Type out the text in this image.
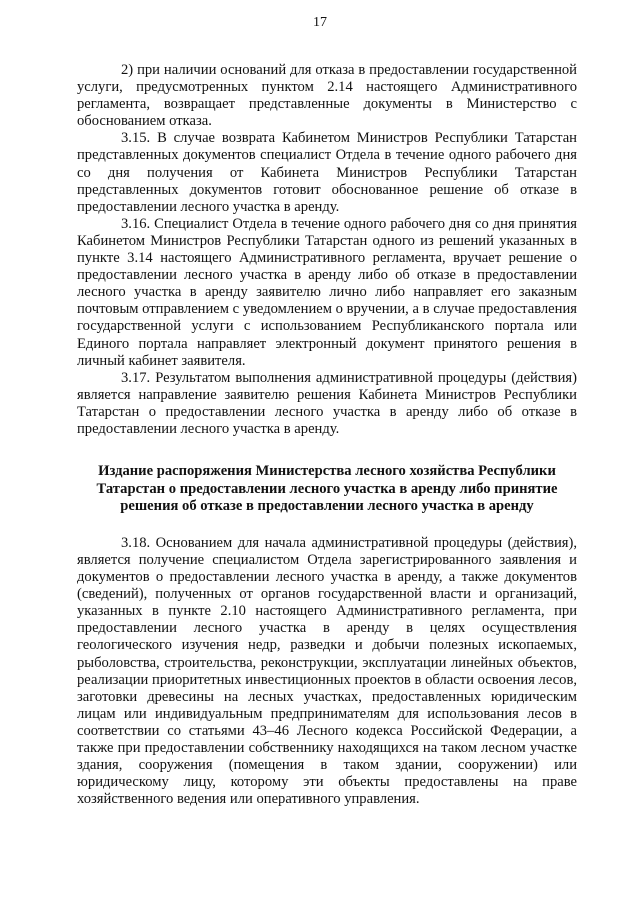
17

2) при наличии оснований для отказа в предоставлении государственной услуги, предусмотренных пунктом 2.14 настоящего Административного регламента, возвращает представленные документы в Министерство с обоснованием отказа.

3.15. В случае возврата Кабинетом Министров Республики Татарстан представленных документов специалист Отдела в течение одного рабочего дня со дня получения от Кабинета Министров Республики Татарстан представленных документов готовит обоснованное решение об отказе в предоставлении лесного участка в аренду.

3.16. Специалист Отдела в течение одного рабочего дня со дня принятия Кабинетом Министров Республики Татарстан одного из решений указанных в пункте 3.14 настоящего Административного регламента, вручает решение о предоставлении лесного участка в аренду либо об отказе в предоставлении лесного участка в аренду заявителю лично либо направляет его заказным почтовым отправлением с уведомлением о вручении, а в случае предоставления государственной услуги с использованием Республиканского портала или Единого портала направляет электронный документ принятого решения в личный кабинет заявителя.

3.17. Результатом выполнения административной процедуры (действия) является направление заявителю решения Кабинета Министров Республики Татарстан о предоставлении лесного участка в аренду либо об отказе в предоставлении лесного участка в аренду.

Издание распоряжения Министерства лесного хозяйства Республики Татарстан о предоставлении лесного участка в аренду либо принятие решения об отказе в предоставлении лесного участка в аренду

3.18. Основанием для начала административной процедуры (действия), является получение специалистом Отдела зарегистрированного заявления и документов о предоставлении лесного участка в аренду, а также документов (сведений), полученных от органов государственной власти и организаций, указанных в пункте 2.10 настоящего Административного регламента, при предоставлении лесного участка в аренду в целях осуществления геологического изучения недр, разведки и добычи полезных ископаемых, рыболовства, строительства, реконструкции, эксплуатации линейных объектов, реализации приоритетных инвестиционных проектов в области освоения лесов, заготовки древесины на лесных участках, предоставленных юридическим лицам или индивидуальным предпринимателям для использования лесов в соответствии со статьями 43–46 Лесного кодекса Российской Федерации, а также при предоставлении собственнику находящихся на таком лесном участке здания, сооружения (помещения в таком здании, сооружении) или юридическому лицу, которому эти объекты предоставлены на праве хозяйственного ведения или оперативного управления.
